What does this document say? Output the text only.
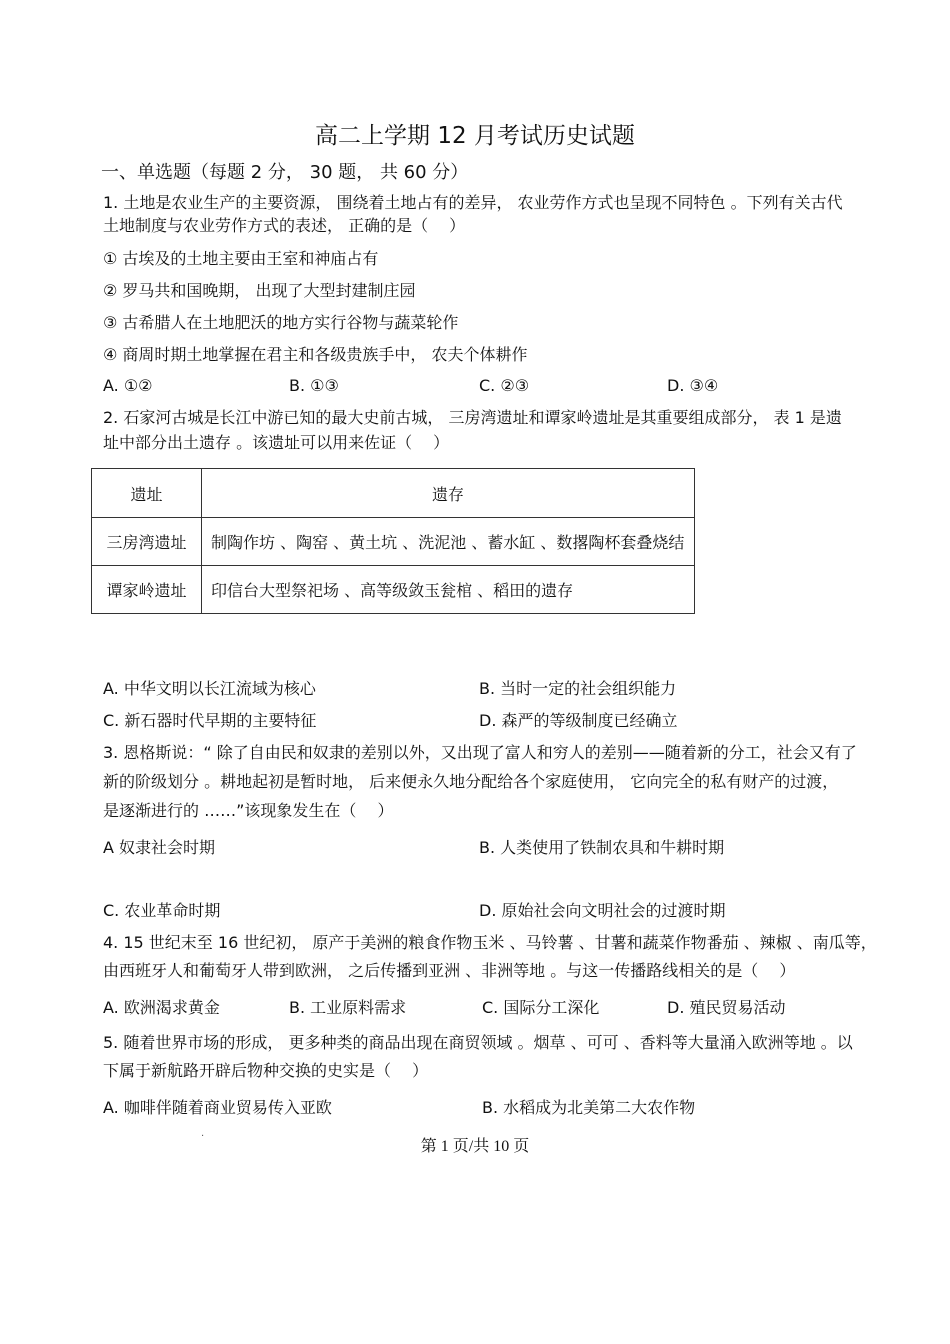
高二上学期 12 月考试历史试题
一、单选题（每题 2 分， 30 题， 共 60 分）
1. 土地是农业生产的主要资源， 围绕着土地占有的差异， 农业劳作方式也呈现不同特色 。下列有关古代
土地制度与农业劳作方式的表述， 正确的是（　 ）
① 古埃及的土地主要由王室和神庙占有
② 罗马共和国晚期， 出现了大型封建制庄园
③ 古希腊人在土地肥沃的地方实行谷物与蔬菜轮作
④ 商周时期土地掌握在君主和各级贵族手中， 农夫个体耕作
A. ①②	B. ①③	C. ②③	D. ③④
2. 石家河古城是长江中游已知的最大史前古城， 三房湾遗址和谭家岭遗址是其重要组成部分， 表 1 是遗
址中部分出土遗存 。该遗址可以用来佐证（　 ）
遗址	遗存
三房湾遗址	制陶作坊 、陶窑 、黄土坑 、洗泥池 、蓄水缸 、数撂陶杯套叠烧结
谭家岭遗址	印信台大型祭祀场 、高等级敛玉瓮棺 、稻田的遗存
A. 中华文明以长江流域为核心	B. 当时一定的社会组织能力
C. 新石器时代早期的主要特征	D. 森严的等级制度已经确立
3. 恩格斯说：“ 除了自由民和奴隶的差别以外，又出现了富人和穷人的差别——随着新的分工，社会又有了
新的阶级划分 。耕地起初是暂时地， 后来便永久地分配给各个家庭使用， 它向完全的私有财产的过渡，
是逐渐进行的 ……”该现象发生在（　 ）
A 奴隶社会时期	B. 人类使用了铁制农具和牛耕时期
C. 农业革命时期	D. 原始社会向文明社会的过渡时期
4. 15 世纪末至 16 世纪初， 原产于美洲的粮食作物玉米 、马铃薯 、甘薯和蔬菜作物番茄 、辣椒 、南瓜等，
由西班牙人和葡萄牙人带到欧洲， 之后传播到亚洲 、非洲等地 。与这一传播路线相关的是（　 ）
A. 欧洲渴求黄金	B. 工业原料需求	C. 国际分工深化	D. 殖民贸易活动
5. 随着世界市场的形成， 更多种类的商品出现在商贸领域 。烟草 、可可 、香料等大量涌入欧洲等地 。以
下属于新航路开辟后物种交换的史实是（　 ）
A. 咖啡伴随着商业贸易传入亚欧	B. 水稻成为北美第二大农作物
.
第 1 页/共 10 页
